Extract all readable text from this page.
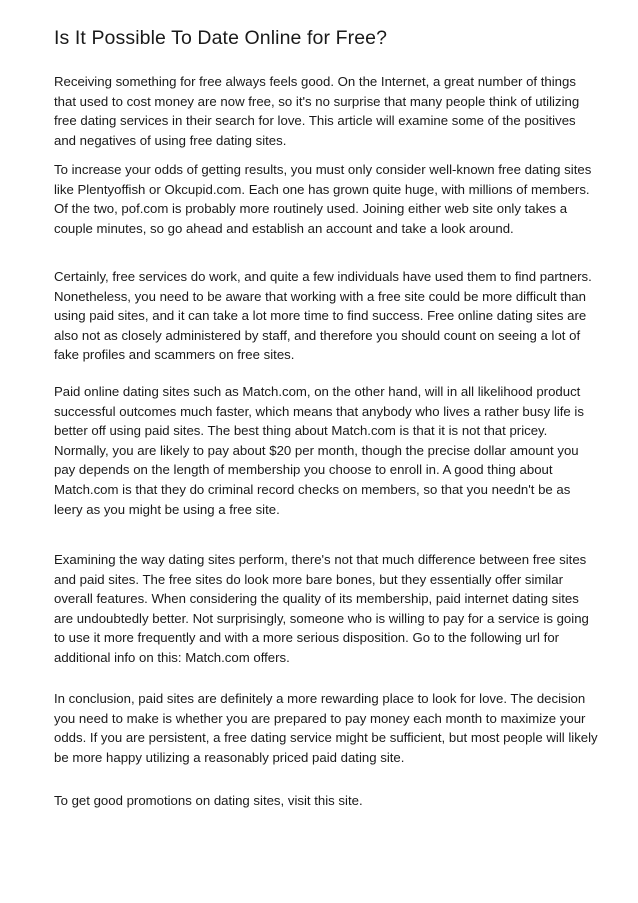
Is It Possible To Date Online for Free?
Receiving something for free always feels good. On the Internet, a great number of things
that used to cost money are now free, so it's no surprise that many people think of utilizing
free dating services in their search for love. This article will examine some of the positives
and negatives of using free dating sites.
To increase your odds of getting results, you must only consider well-known free dating sites
like Plentyoffish or Okcupid.com. Each one has grown quite huge, with millions of members.
Of the two, pof.com is probably more routinely used. Joining either web site only takes a
couple minutes, so go ahead and establish an account and take a look around.
Certainly, free services do work, and quite a few individuals have used them to find partners.
Nonetheless, you need to be aware that working with a free site could be more difficult than
using paid sites, and it can take a lot more time to find success. Free online dating sites are
also not as closely administered by staff, and therefore you should count on seeing a lot of
fake profiles and scammers on free sites.
Paid online dating sites such as Match.com, on the other hand, will in all likelihood product
successful outcomes much faster, which means that anybody who lives a rather busy life is
better off using paid sites. The best thing about Match.com is that it is not that pricey.
Normally, you are likely to pay about $20 per month, though the precise dollar amount you
pay depends on the length of membership you choose to enroll in. A good thing about
Match.com is that they do criminal record checks on members, so that you needn't be as
leery as you might be using a free site.
Examining the way dating sites perform, there's not that much difference between free sites
and paid sites. The free sites do look more bare bones, but they essentially offer similar
overall features. When considering the quality of its membership, paid internet dating sites
are undoubtedly better. Not surprisingly, someone who is willing to pay for a service is going
to use it more frequently and with a more serious disposition. Go to the following url for
additional info on this: Match.com offers.
In conclusion, paid sites are definitely a more rewarding place to look for love. The decision
you need to make is whether you are prepared to pay money each month to maximize your
odds. If you are persistent, a free dating service might be sufficient, but most people will likely
be more happy utilizing a reasonably priced paid dating site.
To get good promotions on dating sites, visit this site.
